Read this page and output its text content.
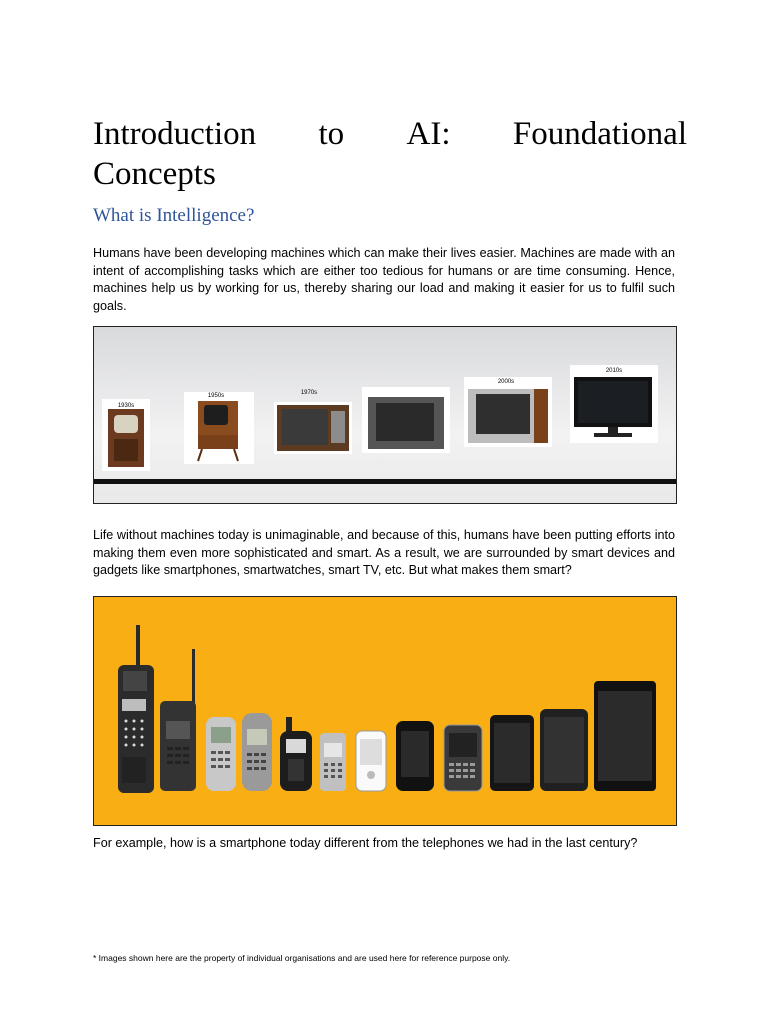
Introduction to AI: Foundational
Concepts
What is Intelligence?

Humans have been developing machines which can make their lives easier. Machines are made with an intent of accomplishing tasks which are either too tedious for humans or are time consuming. Hence, machines help us by working for us, thereby sharing our load and making it easier for us to fulfil such goals.

1930s
1950s	1970s
2000s
2010s

Life without machines today is unimaginable, and because of this, humans have been putting efforts into making them even more sophisticated and smart. As a result, we are surrounded by smart devices and gadgets like smartphones, smartwatches, smart TV, etc. But what makes them smart?

For example, how is a smartphone today different from the telephones we had in the last century?

* Images shown here are the property of individual organisations and are used here for reference purpose only.
